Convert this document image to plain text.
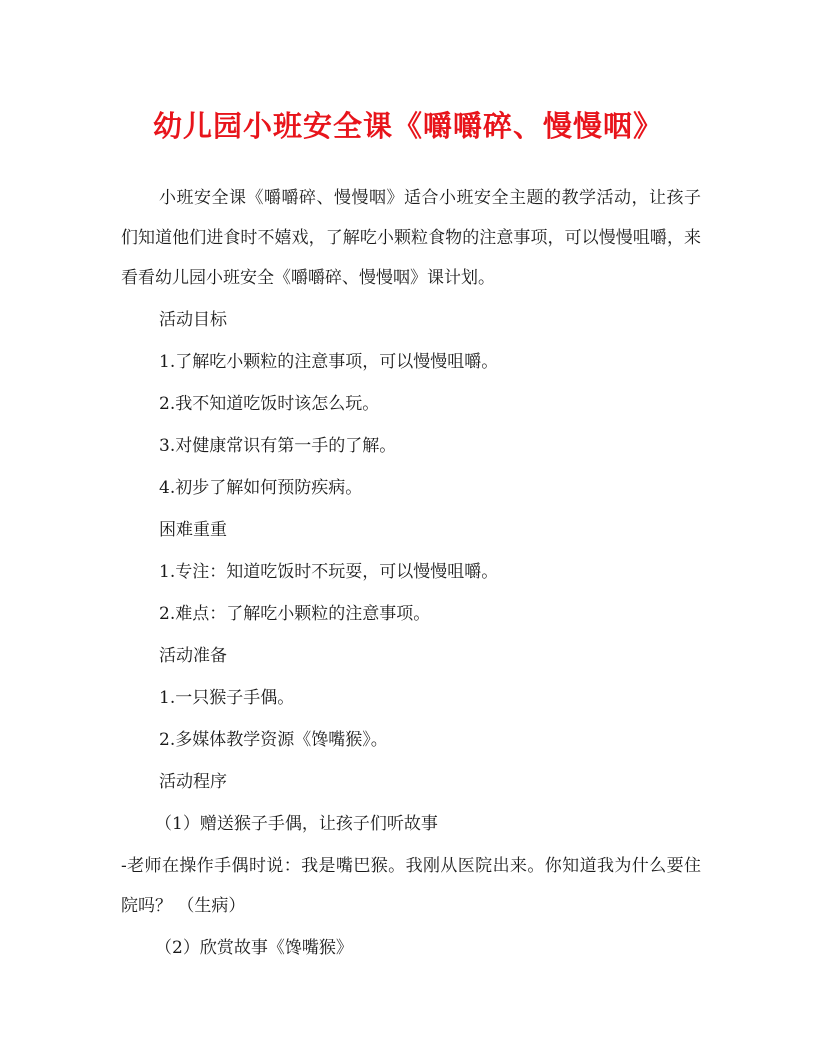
幼儿园小班安全课《嚼嚼碎、慢慢咽》

小班安全课《嚼嚼碎、慢慢咽》适合小班安全主题的教学活动，让孩子们知道他们进食时不嬉戏，了解吃小颗粒食物的注意事项，可以慢慢咀嚼，来看看幼儿园小班安全《嚼嚼碎、慢慢咽》课计划。

活动目标
1.了解吃小颗粒的注意事项，可以慢慢咀嚼。
2.我不知道吃饭时该怎么玩。
3.对健康常识有第一手的了解。
4.初步了解如何预防疾病。
困难重重
1.专注：知道吃饭时不玩耍，可以慢慢咀嚼。
2.难点：了解吃小颗粒的注意事项。
活动准备
1.一只猴子手偶。
2.多媒体教学资源《馋嘴猴》。
活动程序
（1）赠送猴子手偶，让孩子们听故事

-老师在操作手偶时说：我是嘴巴猴。我刚从医院出来。你知道我为什么要住院吗？ （生病）

（2）欣赏故事《馋嘴猴》
